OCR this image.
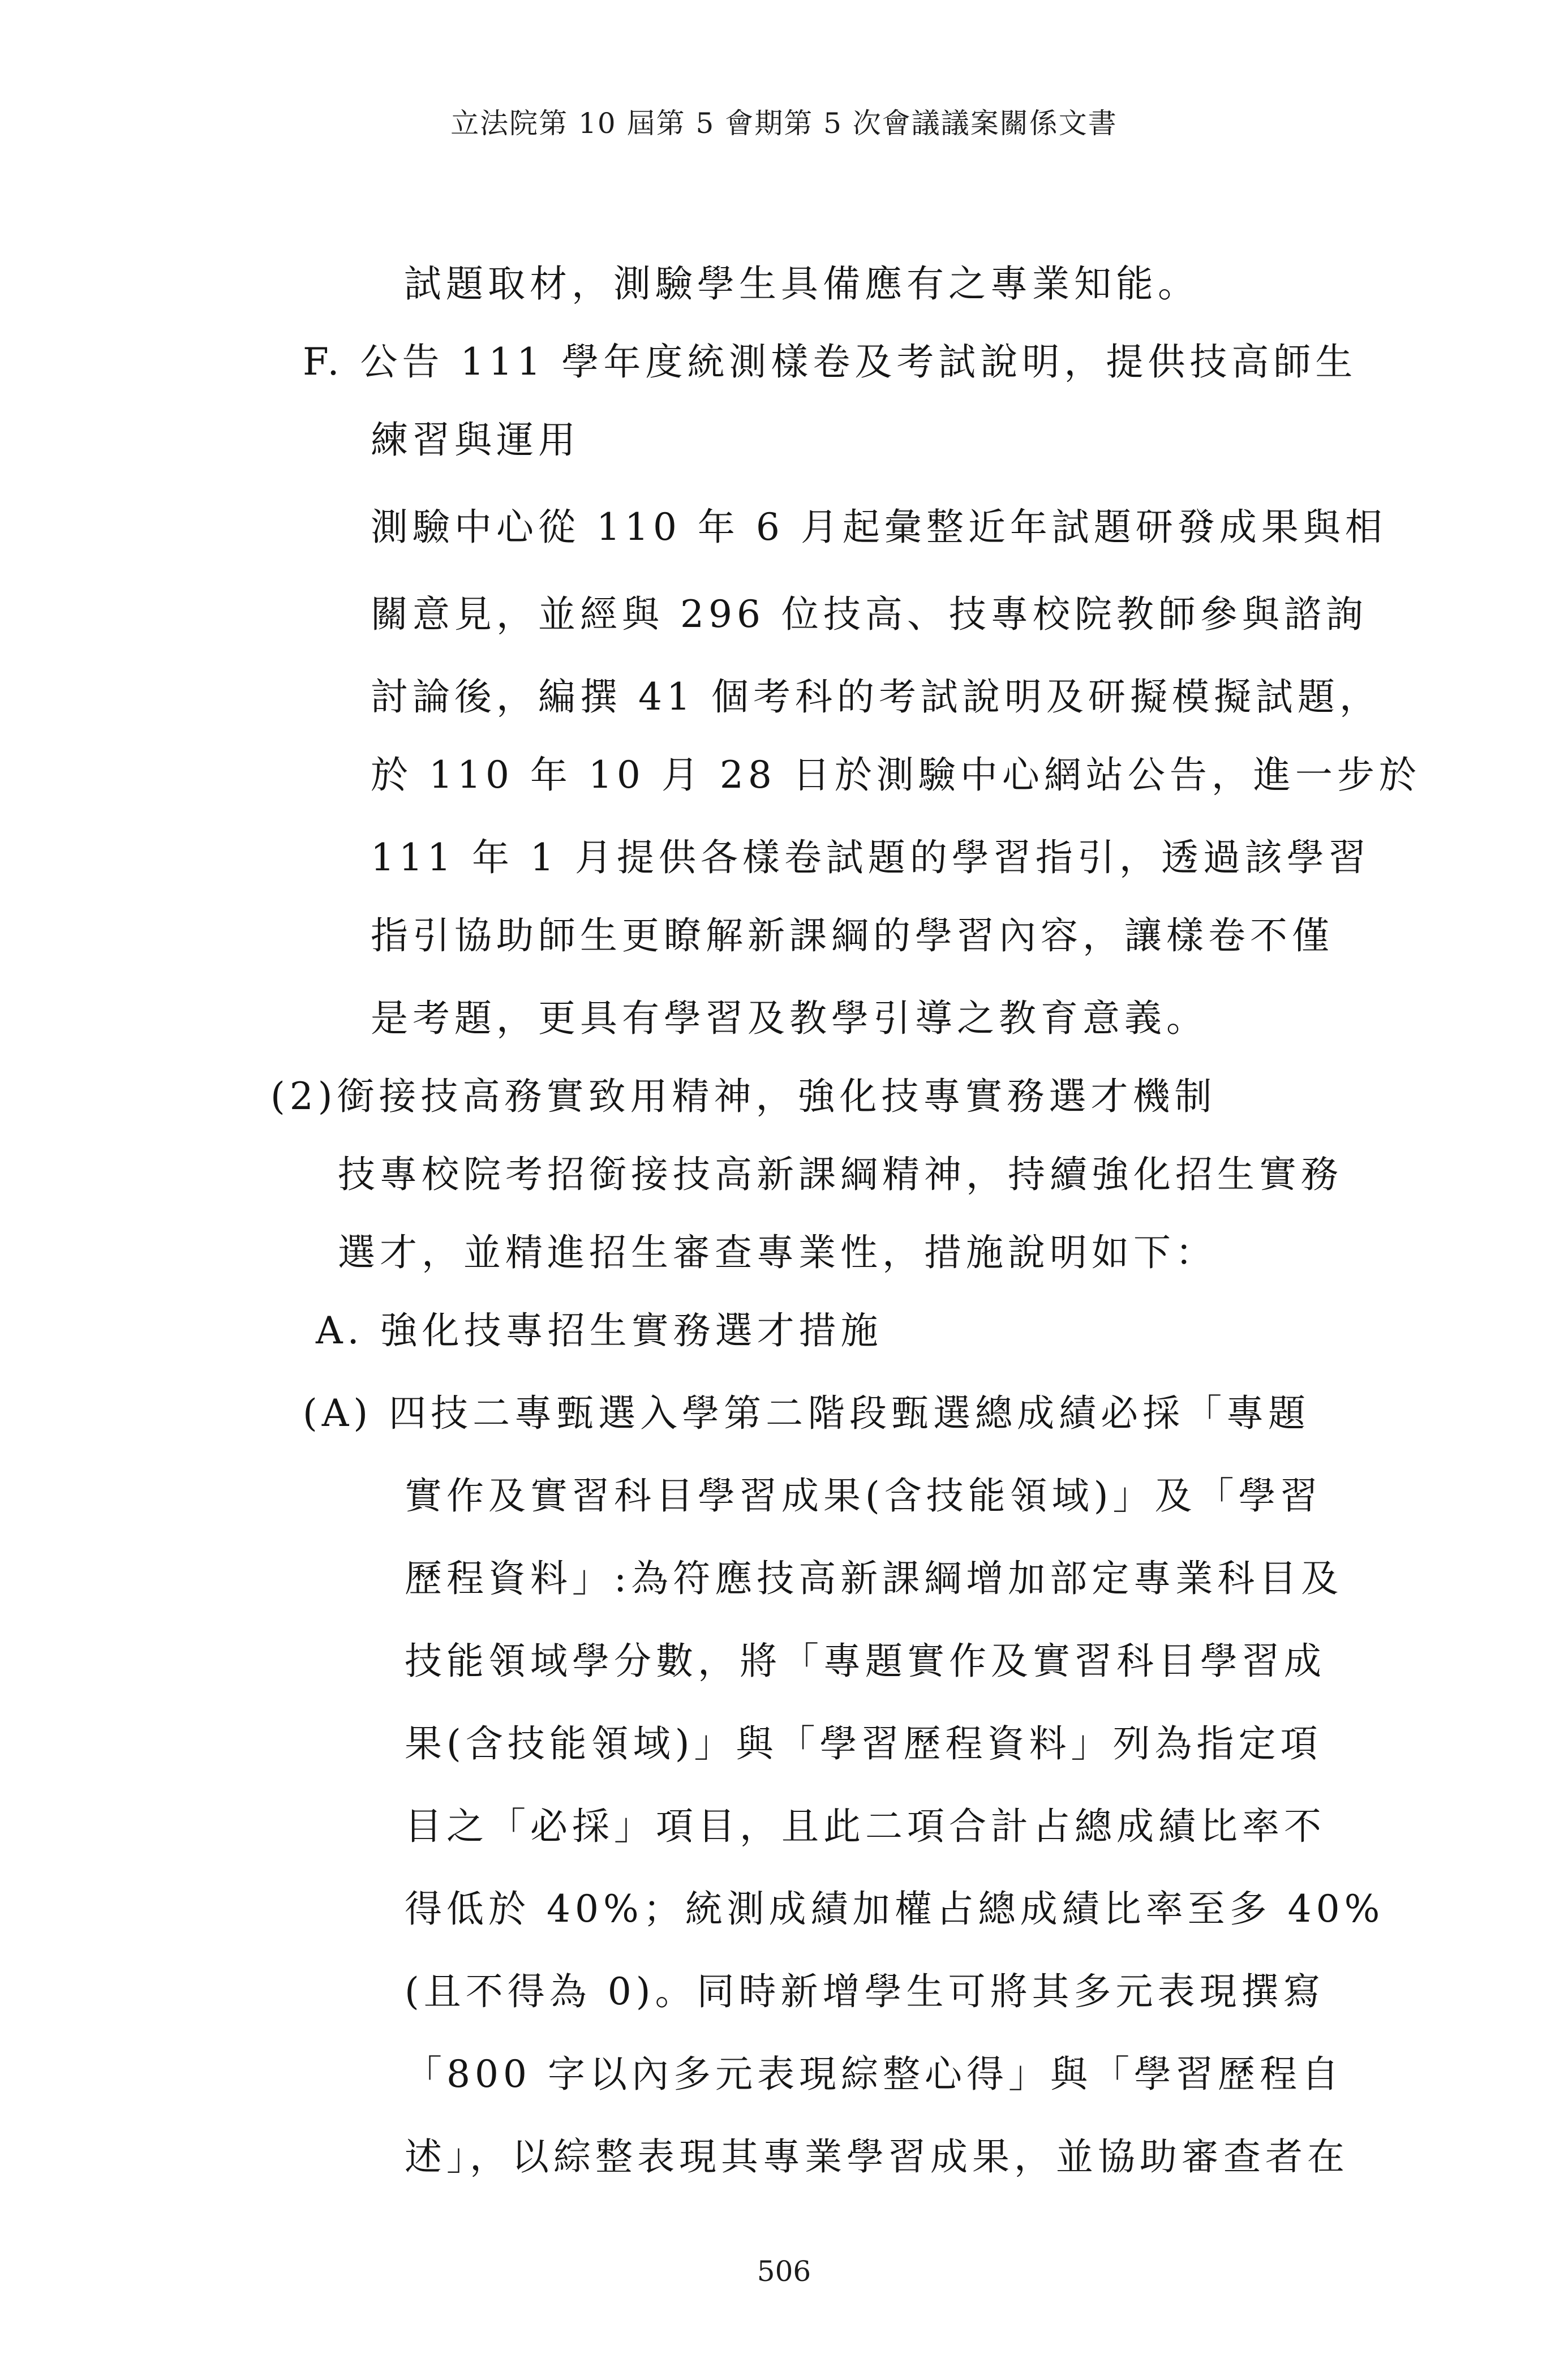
立法院第 10 屆第 5 會期第 5 次會議議案關係文書
試題取材，測驗學生具備應有之專業知能。
F. 公告 111 學年度統測樣卷及考試說明，提供技高師生
練習與運用
測驗中心從 110 年 6 月起彙整近年試題研發成果與相
關意見，並經與 296 位技高、技專校院教師參與諮詢
討論後，編撰 41 個考科的考試說明及研擬模擬試題，
於 110 年 10 月 28 日於測驗中心網站公告，進一步於
111 年 1 月提供各樣卷試題的學習指引，透過該學習
指引協助師生更瞭解新課綱的學習內容，讓樣卷不僅
是考題，更具有學習及教學引導之教育意義。
(2)銜接技高務實致用精神，強化技專實務選才機制
技專校院考招銜接技高新課綱精神，持續強化招生實務
選才，並精進招生審查專業性，措施說明如下：
A. 強化技專招生實務選才措施
(A) 四技二專甄選入學第二階段甄選總成績必採「專題
實作及實習科目學習成果(含技能領域)」及「學習
歷程資料」:為符應技高新課綱增加部定專業科目及
技能領域學分數，將「專題實作及實習科目學習成
果(含技能領域)」與「學習歷程資料」列為指定項
目之「必採」項目，且此二項合計占總成績比率不
得低於 40%；統測成績加權占總成績比率至多 40%
(且不得為 0)。同時新增學生可將其多元表現撰寫
「800 字以內多元表現綜整心得」與「學習歷程自
述」，以綜整表現其專業學習成果，並協助審查者在
506
